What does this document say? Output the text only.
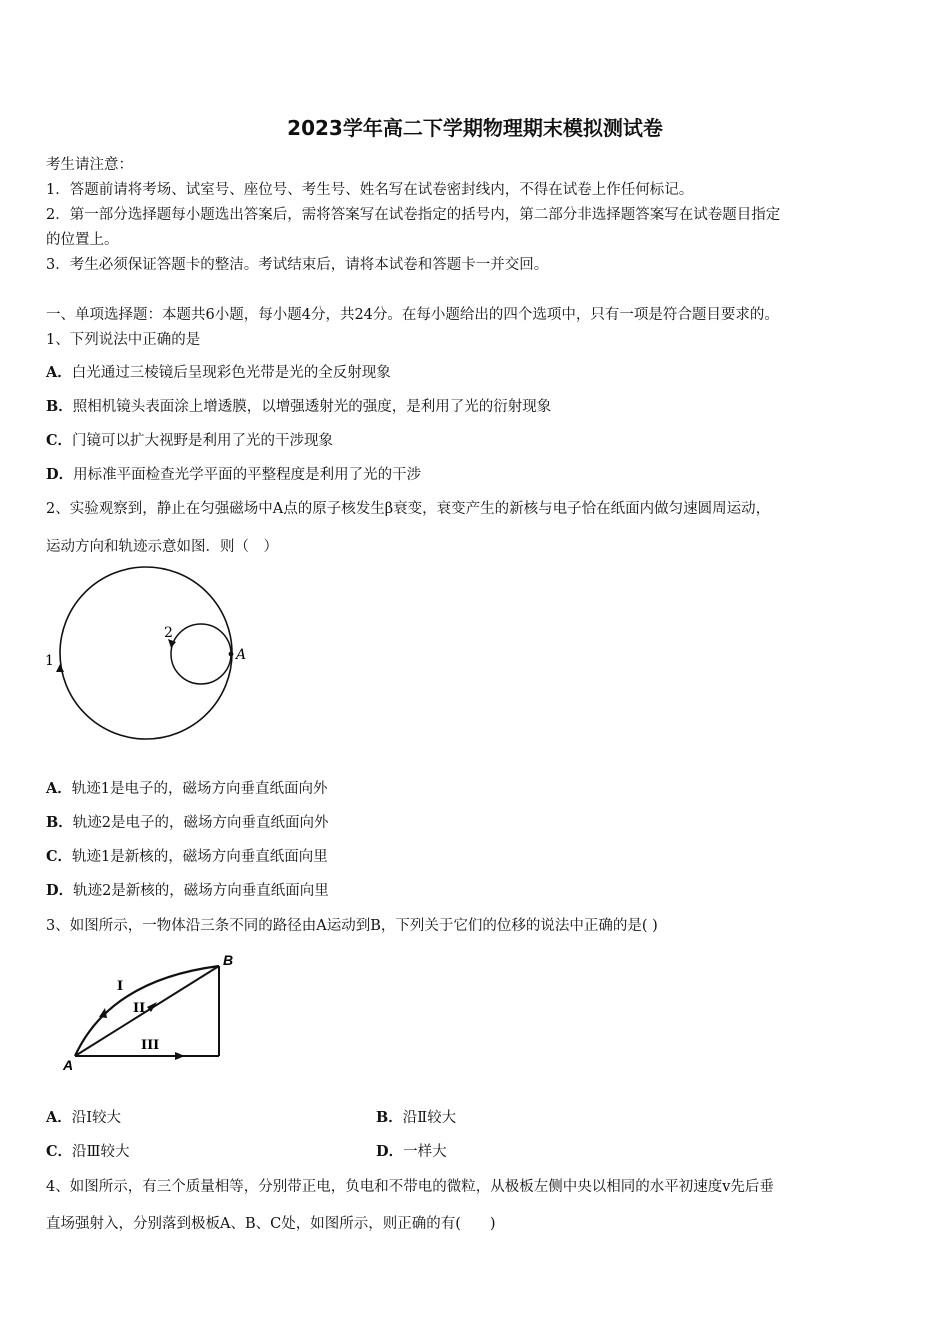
2023学年高二下学期物理期末模拟测试卷
考生请注意：
1．答题前请将考场、试室号、座位号、考生号、姓名写在试卷密封线内，不得在试卷上作任何标记。
2．第一部分选择题每小题选出答案后，需将答案写在试卷指定的括号内，第二部分非选择题答案写在试卷题目指定
的位置上。
3．考生必须保证答题卡的整洁。考试结束后，请将本试卷和答题卡一并交回。
一、单项选择题：本题共6小题，每小题4分，共24分。在每小题给出的四个选项中，只有一项是符合题目要求的。
1、下列说法中正确的是
A．白光通过三棱镜后呈现彩色光带是光的全反射现象
B．照相机镜头表面涂上增透膜，以增强透射光的强度，是利用了光的衍射现象
C．门镜可以扩大视野是利用了光的干涉现象
D．用标准平面检查光学平面的平整程度是利用了光的干涉
2、实验观察到，静止在匀强磁场中A点的原子核发生β衰变，衰变产生的新核与电子恰在纸面内做匀速圆周运动，
运动方向和轨迹示意如图．则（　）
1
2
A
A．轨迹1是电子的，磁场方向垂直纸面向外
B．轨迹2是电子的，磁场方向垂直纸面向外
C．轨迹1是新核的，磁场方向垂直纸面向里
D．轨迹2是新核的，磁场方向垂直纸面向里
3、如图所示，一物体沿三条不同的路径由A运动到B，下列关于它们的位移的说法中正确的是( )
B
A
I
II
III
A．沿Ⅰ较大	B．沿Ⅱ较大
C．沿Ⅲ较大	D．一样大
4、如图所示，有三个质量相等，分别带正电，负电和不带电的微粒，从极板左侧中央以相同的水平初速度v先后垂
直场强射入，分别落到极板A、B、C处，如图所示，则正确的有(　　)
